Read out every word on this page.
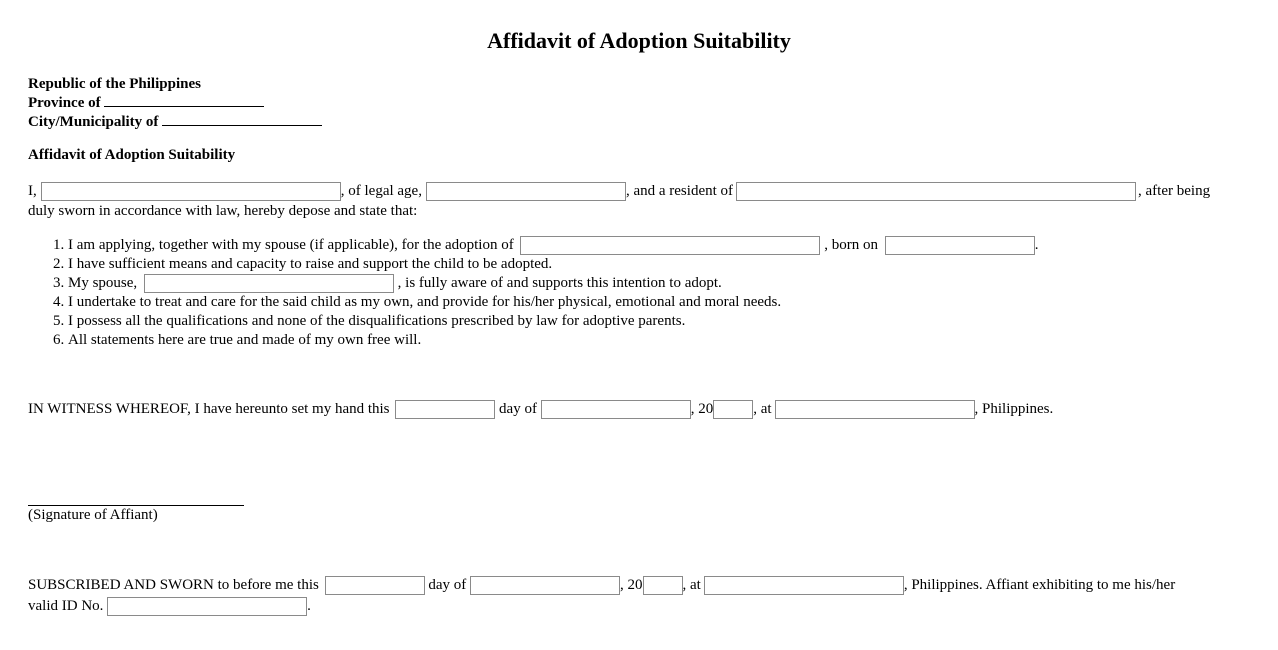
Affidavit of Adoption Suitability
Republic of the Philippines
Province of
City/Municipality of
Affidavit of Adoption Suitability
I,	, of legal age,	, and a resident of	, after being
duly sworn in accordance with law, hereby depose and state that:
1. I am applying, together with my spouse (if applicable), for the adoption of	, born on	.
2. I have sufficient means and capacity to raise and support the child to be adopted.
3. My spouse,	, is fully aware of and supports this intention to adopt.
4. I undertake to treat and care for the said child as my own, and provide for his/her physical, emotional and moral needs.
5. I possess all the qualifications and none of the disqualifications prescribed by law for adoptive parents.
6. All statements here are true and made of my own free will.
IN WITNESS WHEREOF, I have hereunto set my hand this	day of	, 20	, at	, Philippines.
(Signature of Affiant)
SUBSCRIBED AND SWORN to before me this	day of	, 20	, at	, Philippines. Affiant exhibiting to me his/her
valid ID No.	.
